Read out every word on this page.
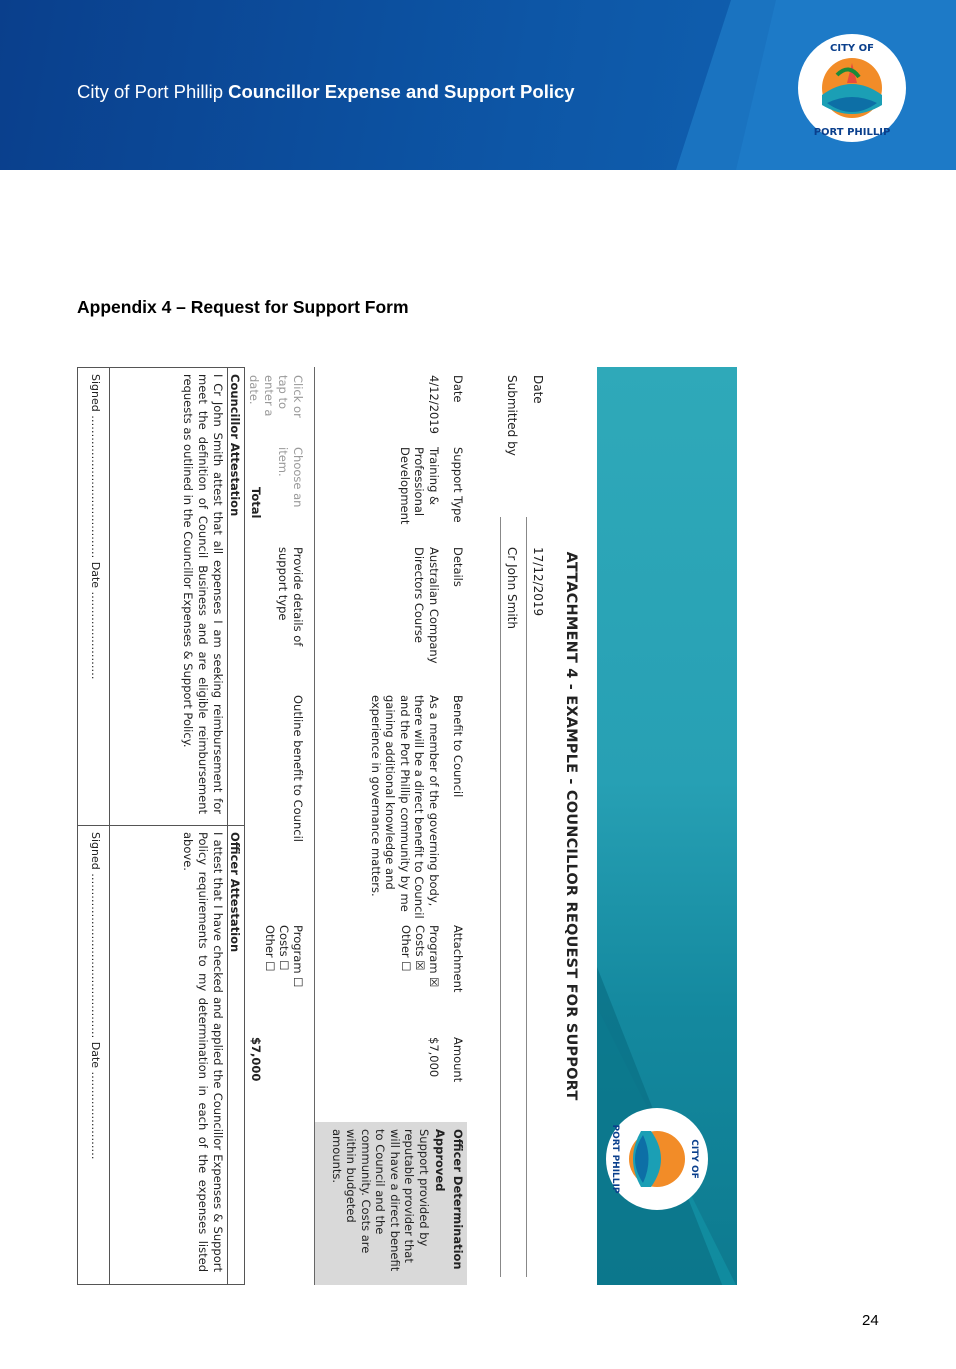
City of Port Phillip Councillor Expense and Support Policy
CITY OF
PORT PHILLIP
Appendix 4 – Request for Support Form
CITY OF
PORT PHILLIP
ATTACHMENT 4 - EXAMPLE - COUNCILLOR REQUEST FOR SUPPORT
Date
17/12/2019
Submitted by
Cr John Smith
Date
Support Type
Details
Benefit to Council
Attachment
Amount
Officer Determination
4/12/2019
Training & Professional Development
Australian Company Directors Course
As a member of the governing body, there will be a direct benefit to Council and the Port Phillip community by me gaining additional knowledge and experience in governance matters.
Program ☒
Costs ☒
Other ☐
$7,000
Approved
Support provided by reputable provider that will have a direct benefit to Council and the community. Costs are within budgeted amounts.
Click or tap to enter a date.
Choose an item.
Provide details of support type
Outline benefit to Council
Program ☐
Costs ☐
Other ☐
Total
$7,000
Councillor Attestation
I Cr John Smith attest that all expenses I am seeking reimbursement for meet the definition of Council Business and are eligible reimbursement requests as outlined in the Councillor Expenses & Support Policy.
Signed ………………………………… Date ……………………
Officer Attestation
I attest that I have checked and applied the Councillor Expenses & Support Policy requirements to my determination in each of the expenses listed above.
Signed ……………………………………… Date ……………………
24
